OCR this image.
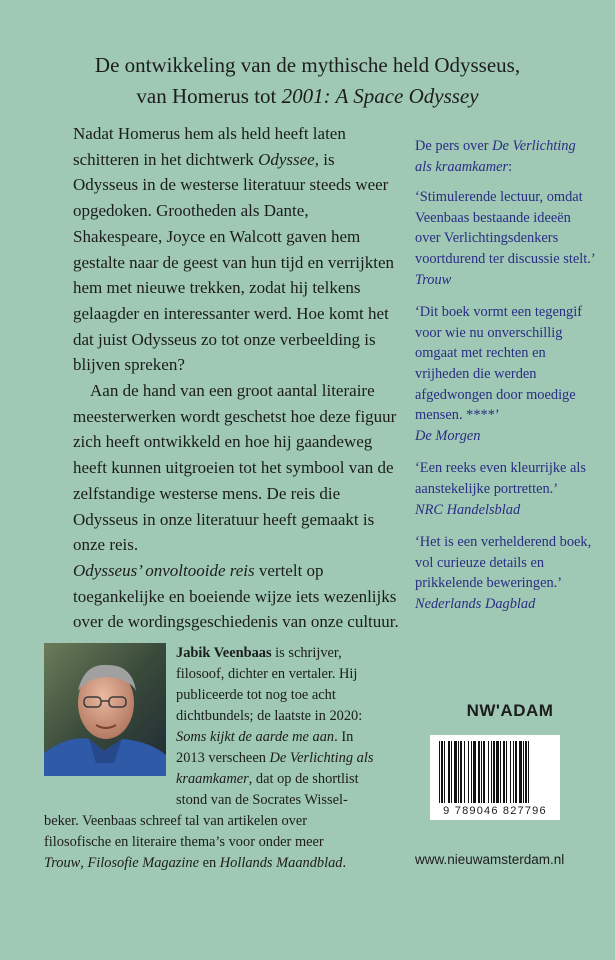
De ontwikkeling van de mythische held Odysseus,
van Homerus tot 2001: A Space Odyssey

Nadat Homerus hem als held heeft laten schitteren in het dichtwerk Odyssee, is Odysseus in de westerse literatuur steeds weer opgedoken. Grootheden als Dante, Shakespeare, Joyce en Walcott gaven hem gestalte naar de geest van hun tijd en verrijkten hem met nieuwe trekken, zodat hij telkens gelaagder en interessanter werd. Hoe komt het dat juist Odysseus zo tot onze verbeelding is blijven spreken?

Aan de hand van een groot aantal literaire meesterwerken wordt geschetst hoe deze figuur zich heeft ontwikkeld en hoe hij gaandeweg heeft kunnen uitgroeien tot het symbool van de zelfstandige westerse mens. De reis die Odysseus in onze literatuur heeft gemaakt is onze reis.

Odysseus’ onvoltooide reis vertelt op toegankelijke en boeiende wijze iets wezenlijks over de wordingsgeschiedenis van onze cultuur.

De pers over De Verlichting als kraamkamer:

‘Stimulerende lectuur, omdat Veenbaas bestaande ideeën over Verlichtingsdenkers voortdurend ter discussie stelt.’ Trouw

‘Dit boek vormt een tegengif voor wie nu onverschillig omgaat met rechten en vrijheden die werden afgedwongen door moedige mensen. ****’
De Morgen

‘Een reeks even kleurrijke als aanstekelijke portretten.’
NRC Handelsblad

‘Het is een verhelderend boek, vol curieuze details en prikkelende beweringen.’
Nederlands Dagblad

Jabik Veenbaas is schrijver,
filosoof, dichter en vertaler. Hij
publiceerde tot nog toe acht
dichtbundels; de laatste in 2020:
Soms kijkt de aarde me aan. In
2013 verscheen De Verlichting als
kraamkamer, dat op de shortlist
stond van de Socrates Wissel-
beker. Veenbaas schreef tal van artikelen over
filosofische en literaire thema’s voor onder meer
Trouw, Filosofie Magazine en Hollands Maandblad.
NW'ADAM
9 789046 827796
www.nieuwamsterdam.nl
